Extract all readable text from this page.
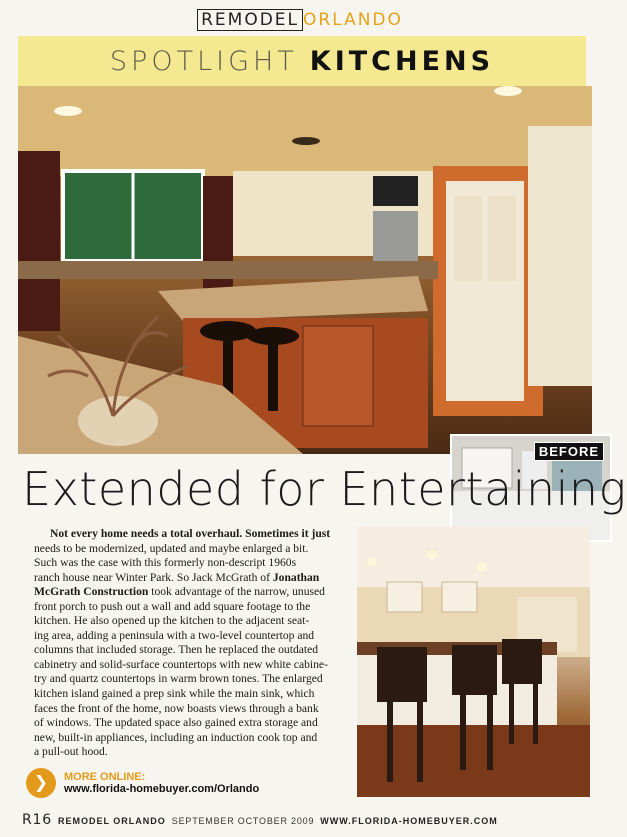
REMODEL ORLANDO
SPOTLIGHT KITCHENS
BEFORE
Extended for Entertaining
Not every home needs a total overhaul. Sometimes it just
needs to be modernized, updated and maybe enlarged a bit.
Such was the case with this formerly non-descript 1960s
ranch house near Winter Park. So Jack McGrath of Jonathan
McGrath Construction took advantage of the narrow, unused
front porch to push out a wall and add square footage to the
kitchen. He also opened up the kitchen to the adjacent seat-
ing area, adding a peninsula with a two-level countertop and
columns that included storage. Then he replaced the outdated
cabinetry and solid-surface countertops with new white cabine-
try and quartz countertops in warm brown tones. The enlarged
kitchen island gained a prep sink while the main sink, which
faces the front of the home, now boasts views through a bank
of windows. The updated space also gained extra storage and
new, built-in appliances, including an induction cook top and
a pull-out hood.
❯	MORE ONLINE:
www.florida-homebuyer.com/Orlando
R16 REMODEL ORLANDO SEPTEMBER OCTOBER 2009 WWW.FLORIDA-HOMEBUYER.COM
